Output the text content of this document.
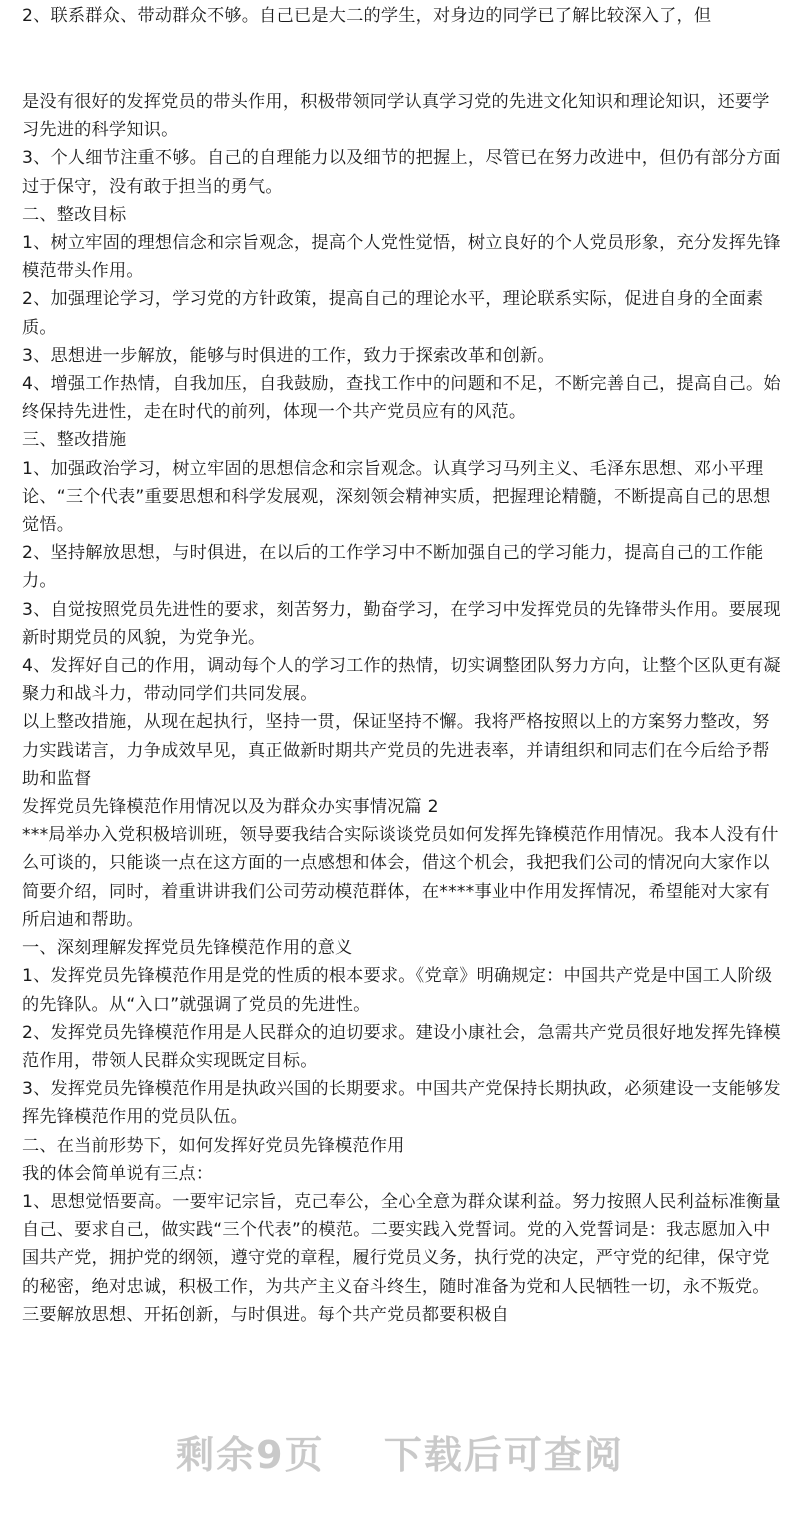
2、联系群众、带动群众不够。自己已是大二的学生，对身边的同学已了解比较深入了，但

是没有很好的发挥党员的带头作用，积极带领同学认真学习党的先进文化知识和理论知识，还要学习先进的科学知识。

3、个人细节注重不够。自己的自理能力以及细节的把握上，尽管已在努力改进中，但仍有部分方面过于保守，没有敢于担当的勇气。

二、整改目标

1、树立牢固的理想信念和宗旨观念，提高个人党性觉悟，树立良好的个人党员形象，充分发挥先锋模范带头作用。

2、加强理论学习，学习党的方针政策，提高自己的理论水平，理论联系实际，促进自身的全面素质。

3、思想进一步解放，能够与时俱进的工作，致力于探索改革和创新。

4、增强工作热情，自我加压，自我鼓励，查找工作中的问题和不足，不断完善自己，提高自己。始终保持先进性，走在时代的前列，体现一个共产党员应有的风范。

三、整改措施

1、加强政治学习，树立牢固的思想信念和宗旨观念。认真学习马列主义、毛泽东思想、邓小平理论、“三个代表”重要思想和科学发展观，深刻领会精神实质，把握理论精髓，不断提高自己的思想觉悟。

2、坚持解放思想，与时俱进，在以后的工作学习中不断加强自己的学习能力，提高自己的工作能力。

3、自觉按照党员先进性的要求，刻苦努力，勤奋学习，在学习中发挥党员的先锋带头作用。要展现新时期党员的风貌，为党争光。

4、发挥好自己的作用，调动每个人的学习工作的热情，切实调整团队努力方向，让整个区队更有凝聚力和战斗力，带动同学们共同发展。

以上整改措施，从现在起执行，坚持一贯，保证坚持不懈。我将严格按照以上的方案努力整改，努力实践诺言，力争成效早见，真正做新时期共产党员的先进表率，并请组织和同志们在今后给予帮助和监督

发挥党员先锋模范作用情况以及为群众办实事情况篇 2

***局举办入党积极培训班，领导要我结合实际谈谈党员如何发挥先锋模范作用情况。我本人没有什么可谈的，只能谈一点在这方面的一点感想和体会，借这个机会，我把我们公司的情况向大家作以简要介绍，同时，着重讲讲我们公司劳动模范群体，在****事业中作用发挥情况，希望能对大家有所启迪和帮助。

一、深刻理解发挥党员先锋模范作用的意义

1、发挥党员先锋模范作用是党的性质的根本要求。《党章》明确规定：中国共产党是中国工人阶级的先锋队。从“入口”就强调了党员的先进性。

2、发挥党员先锋模范作用是人民群众的迫切要求。建设小康社会，急需共产党员很好地发挥先锋模范作用，带领人民群众实现既定目标。

3、发挥党员先锋模范作用是执政兴国的长期要求。中国共产党保持长期执政，必须建设一支能够发挥先锋模范作用的党员队伍。

二、在当前形势下，如何发挥好党员先锋模范作用

我的体会简单说有三点：

1、思想觉悟要高。一要牢记宗旨，克己奉公，全心全意为群众谋利益。努力按照人民利益标准衡量自己、要求自己，做实践“三个代表”的模范。二要实践入党誓词。党的入党誓词是：我志愿加入中国共产党，拥护党的纲领，遵守党的章程，履行党员义务，执行党的决定，严守党的纪律，保守党的秘密，绝对忠诚，积极工作，为共产主义奋斗终生，随时准备为党和人民牺牲一切，永不叛党。三要解放思想、开拓创新，与时俱进。每个共产党员都要积极自

剩余9页 下载后可查阅
